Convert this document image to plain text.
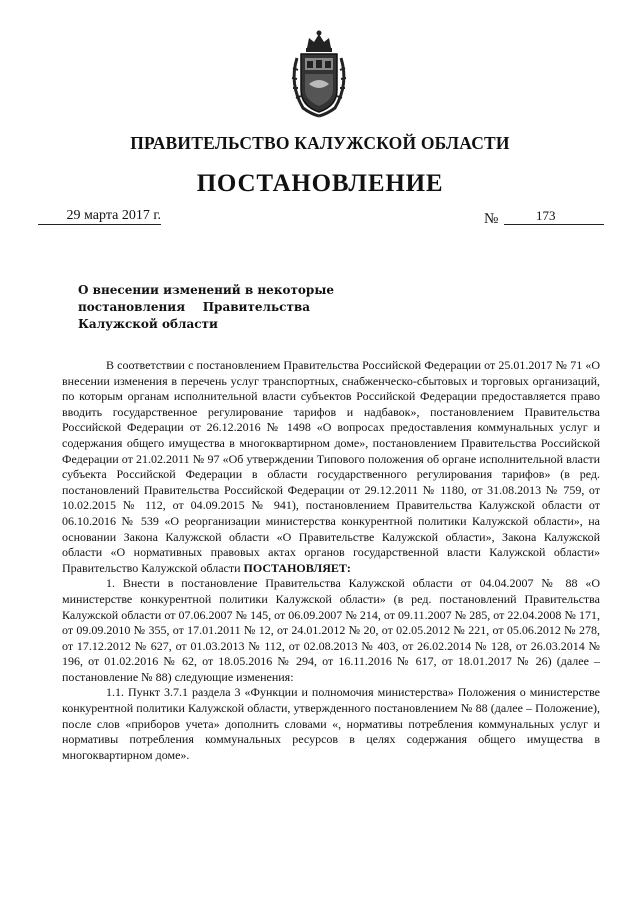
ПРАВИТЕЛЬСТВО КАЛУЖСКОЙ ОБЛАСТИ
ПОСТАНОВЛЕНИЕ
29 марта 2017 г.	№	173
О внесении изменений в некоторые
постановления Правительства
Калужской области

В соответствии с постановлением Правительства Российской Федерации от 25.01.2017 № 71 «О внесении изменения в перечень услуг транспортных, снабженческо-сбытовых и торговых организаций, по которым органам исполнительной власти субъектов Российской Федерации предоставляется право вводить государственное регулирование тарифов и надбавок», постановлением Правительства Российской Федерации от 26.12.2016 № 1498 «О вопросах предоставления коммунальных услуг и содержания общего имущества в многоквартирном доме», постановлением Правительства Российской Федерации от 21.02.2011 № 97 «Об утверждении Типового положения об органе исполнительной власти субъекта Российской Федерации в области государственного регулирования тарифов» (в ред. постановлений Правительства Российской Федерации от 29.12.2011 № 1180, от 31.08.2013 № 759, от 10.02.2015 № 112, от 04.09.2015 № 941), постановлением Правительства Калужской области от 06.10.2016 № 539 «О реорганизации министерства конкурентной политики Калужской области», на основании Закона Калужской области «О Правительстве Калужской области», Закона Калужской области «О нормативных правовых актах органов государственной власти Калужской области» Правительство Калужской области ПОСТАНОВЛЯЕТ:

1. Внести в постановление Правительства Калужской области от 04.04.2007 № 88 «О министерстве конкурентной политики Калужской области» (в ред. постановлений Правительства Калужской области от 07.06.2007 № 145, от 06.09.2007 № 214, от 09.11.2007 № 285, от 22.04.2008 № 171, от 09.09.2010 № 355, от 17.01.2011 № 12, от 24.01.2012 № 20, от 02.05.2012 № 221, от 05.06.2012 № 278, от 17.12.2012 № 627, от 01.03.2013 № 112, от 02.08.2013 № 403, от 26.02.2014 № 128, от 26.03.2014 № 196, от 01.02.2016 № 62, от 18.05.2016 № 294, от 16.11.2016 № 617, от 18.01.2017 № 26) (далее – постановление № 88) следующие изменения:

1.1. Пункт 3.7.1 раздела 3 «Функции и полномочия министерства» Положения о министерстве конкурентной политики Калужской области, утвержденного постановлением № 88 (далее – Положение), после слов «приборов учета» дополнить словами «, нормативы потребления коммунальных услуг и нормативы потребления коммунальных ресурсов в целях содержания общего имущества в многоквартирном доме».
